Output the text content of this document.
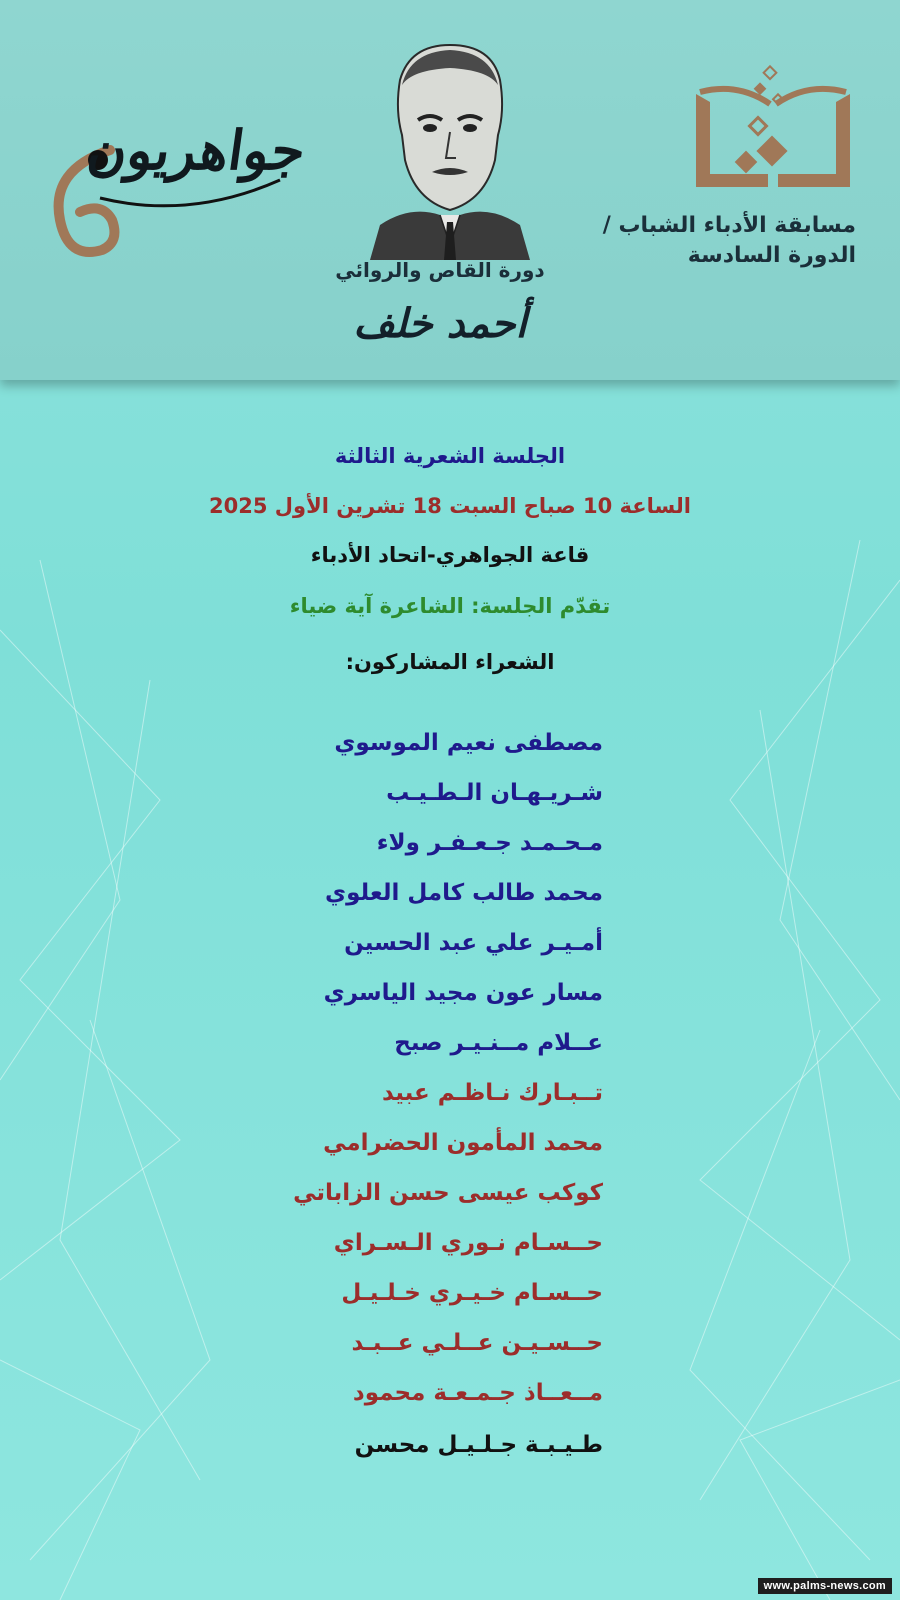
مسابقة الأدباء الشباب /
الدورة السادسة
دورة القاص والروائي
أحمد خلف
جواهريون
الجلسة الشعرية الثالثة
الساعة 10 صباح السبت 18 تشرين الأول 2025
قاعة الجواهري-اتحاد الأدباء
تقدّم الجلسة: الشاعرة آية ضياء
الشعراء المشاركون:
مصطفى نعيم الموسوي
شـريـهـان الـطـيـب
مـحـمـد جـعـفـر ولاء
محمد طالب كامل العلوي
أمـيـر علي عبد الحسين
مسار عون مجيد الياسري
عــلام مــنـيـر صبح
تــبـارك نـاظـم عبيد
محمد المأمون الحضرامي
كوكب عيسى حسن الزاباتي
حــسـام نـوري الـسـراي
حــسـام خـيـري خـلـيـل
حــسـيـن عــلـي عــبـد
مــعــاذ جـمـعـة محمود
طـيـبـة جـلـيـل محسن
www.palms-news.com
